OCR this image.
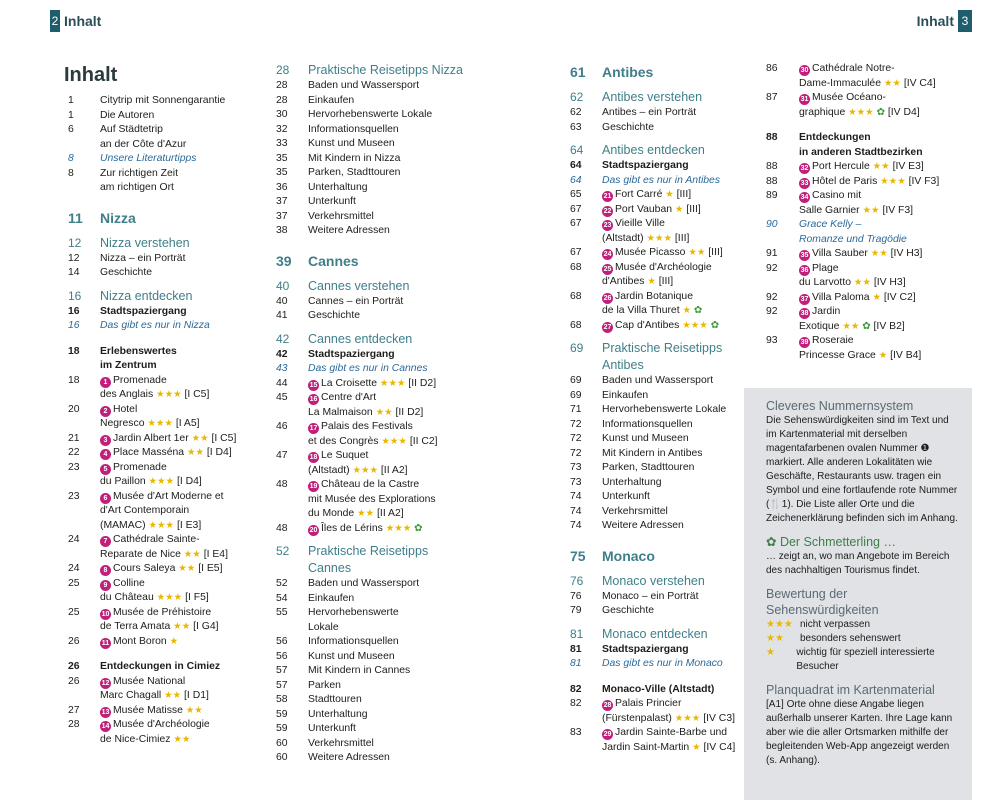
2 Inhalt	Inhalt 3
Inhalt
1	Citytrip mit Sonnengarantie
1	Die Autoren
6	Auf Städtetrip
an der Côte d'Azur
8	Unsere Literaturtipps
8	Zur richtigen Zeit
am richtigen Ort
11	Nizza
12	Nizza verstehen
12	Nizza – ein Porträt
14	Geschichte
16	Nizza entdecken
16	Stadtspaziergang
16	Das gibt es nur in Nizza
18	Erlebenswertes
im Zentrum
18	1 Promenade
des Anglais ★★★ [I C5]
20	2 Hotel
Negresco ★★★ [I A5]
21	3 Jardin Albert 1er ★★ [I C5]
22	4 Place Masséna ★★ [I D4]
23	5 Promenade
du Paillon ★★★ [I D4]
23	6 Musée d'Art Moderne et
d'Art Contemporain
(MAMAC) ★★★ [I E3]
24	7 Cathédrale Sainte-
Reparate de Nice ★★ [I E4]
24	8 Cours Saleya ★★ [I E5]
25	9 Colline
du Château ★★★ [I F5]
25	10 Musée de Préhistoire
de Terra Amata ★★ [I G4]
26	11 Mont Boron ★
26	Entdeckungen in Cimiez
26	12 Musée National
Marc Chagall ★★ [I D1]
27	13 Musée Matisse ★★
28	14 Musée d'Archéologie
de Nice-Cimiez ★★
28	Praktische Reisetipps Nizza
28	Baden und Wassersport
28	Einkaufen
30	Hervorhebenswerte Lokale
32	Informationsquellen
33	Kunst und Museen
35	Mit Kindern in Nizza
35	Parken, Stadttouren
36	Unterhaltung
37	Unterkunft
37	Verkehrsmittel
38	Weitere Adressen
39	Cannes
40	Cannes verstehen
40	Cannes – ein Porträt
41	Geschichte
42	Cannes entdecken
42	Stadtspaziergang
43	Das gibt es nur in Cannes
44	15 La Croisette ★★★ [II D2]
45	16 Centre d'Art
La Malmaison ★★ [II D2]
46	17 Palais des Festivals
et des Congrès ★★★ [II C2]
47	18 Le Suquet
(Altstadt) ★★★ [II A2]
48	19 Château de la Castre
mit Musée des Explorations
du Monde ★★ [II A2]
48	20 Îles de Lérins ★★★ ✿
52	Praktische Reisetipps Cannes
52	Baden und Wassersport
54	Einkaufen
55	Hervorhebenswerte
Lokale
56	Informationsquellen
56	Kunst und Museen
57	Mit Kindern in Cannes
57	Parken
58	Stadttouren
59	Unterhaltung
59	Unterkunft
60	Verkehrsmittel
60	Weitere Adressen
61	Antibes
62	Antibes verstehen
62	Antibes – ein Porträt
63	Geschichte
64	Antibes entdecken
64	Stadtspaziergang
64	Das gibt es nur in Antibes
65	21 Fort Carré ★ [III]
67	22 Port Vauban ★ [III]
67	23 Vieille Ville
(Altstadt) ★★★ [III]
67	24 Musée Picasso ★★ [III]
68	25 Musée d'Archéologie
d'Antibes ★ [III]
68	26 Jardin Botanique
de la Villa Thuret ★ ✿
68	27 Cap d'Antibes ★★★ ✿
69	Praktische Reisetipps Antibes
69	Baden und Wassersport
69	Einkaufen
71	Hervorhebenswerte Lokale
72	Informationsquellen
72	Kunst und Museen
72	Mit Kindern in Antibes
73	Parken, Stadttouren
73	Unterhaltung
74	Unterkunft
74	Verkehrsmittel
74	Weitere Adressen
75	Monaco
76	Monaco verstehen
76	Monaco – ein Porträt
79	Geschichte
81	Monaco entdecken
81	Stadtspaziergang
81	Das gibt es nur in Monaco
82	Monaco-Ville (Altstadt)
82	28 Palais Princier
(Fürstenpalast) ★★★ [IV C3]
83	29 Jardin Sainte-Barbe und
Jardin Saint-Martin ★ [IV C4]
86	30 Cathédrale Notre-
Dame-Immaculée ★★ [IV C4]
87	31 Musée Océano-
graphique ★★★ ✿ [IV D4]
88	Entdeckungen
in anderen Stadtbezirken
88	32 Port Hercule ★★ [IV E3]
88	33 Hôtel de Paris ★★★ [IV F3]
89	34 Casino mit
Salle Garnier ★★ [IV F3]
90	Grace Kelly –
Romanze und Tragödie
91	35 Villa Sauber ★★ [IV H3]
92	36 Plage
du Larvotto ★★ [IV H3]
92	37 Villa Paloma ★ [IV C2]
92	38 Jardin
Exotique ★★ ✿ [IV B2]
93	39 Roseraie
Princesse Grace ★ [IV B4]
Cleveres Nummernsystem
Die Sehenswürdigkeiten sind im Text und im Kartenmaterial mit derselben magentafarbenen ovalen Nummer ❶ markiert. Alle anderen Lokalitäten wie Geschäfte, Restaurants usw. tragen ein Symbol und eine fortlaufende rote Nummer (🍴1). Die Liste aller Orte und die Zeichenerklärung befinden sich im Anhang.
✿ Der Schmetterling …
… zeigt an, wo man Angebote im Bereich des nachhaltigen Tourismus findet.
Bewertung der Sehenswürdigkeiten
★★★ nicht verpassen
★★	besonders sehenswert
★	wichtig für speziell interessierte Besucher
Planquadrat im Kartenmaterial
[A1] Orte ohne diese Angabe liegen außerhalb unserer Karten. Ihre Lage kann aber wie die aller Ortsmarken mithilfe der begleitenden Web-App angezeigt werden (s. Anhang).
